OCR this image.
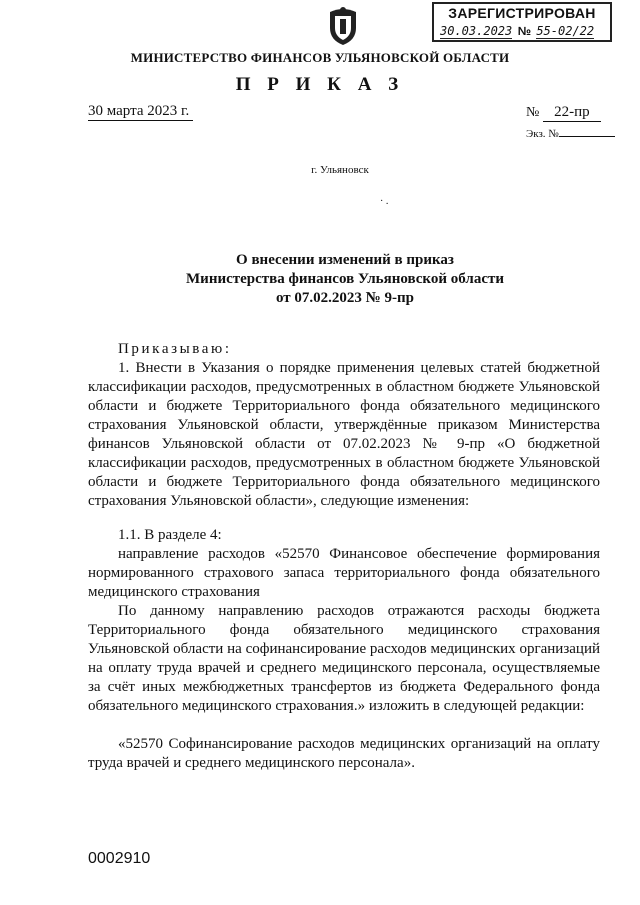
ЗАРЕГИСТРИРОВАН
30.03.2023 № 55-02/22
МИНИСТЕРСТВО ФИНАНСОВ УЛЬЯНОВСКОЙ ОБЛАСТИ
П Р И К А З
30 марта 2023 г.	№ 22-пр
Экз. №
г. Ульяновск
· .
О внесении изменений в приказ
Министерства финансов Ульяновской области
от 07.02.2023 № 9-пр

Приказываю:

1. Внести в Указания о порядке применения целевых статей бюджетной классификации расходов, предусмотренных в областном бюджете Ульяновской области и бюджете Территориального фонда обязательного медицинского страхования Ульяновской области, утверждённые приказом Министерства финансов Ульяновской области от 07.02.2023 № 9-пр «О бюджетной классификации расходов, предусмотренных в областном бюджете Ульяновской области и бюджете Территориального фонда обязательного медицинского страхования Ульяновской области», следующие изменения:

1.1. В разделе 4:

направление расходов «52570 Финансовое обеспечение формирования нормированного страхового запаса территориального фонда обязательного медицинского страхования

По данному направлению расходов отражаются расходы бюджета Территориального фонда обязательного медицинского страхования Ульяновской области на софинансирование расходов медицинских организаций на оплату труда врачей и среднего медицинского персонала, осуществляемые за счёт иных межбюджетных трансфертов из бюджета Федерального фонда обязательного медицинского страхования.» изложить в следующей редакции:

«52570 Софинансирование расходов медицинских организаций на оплату труда врачей и среднего медицинского персонала».

0002910
